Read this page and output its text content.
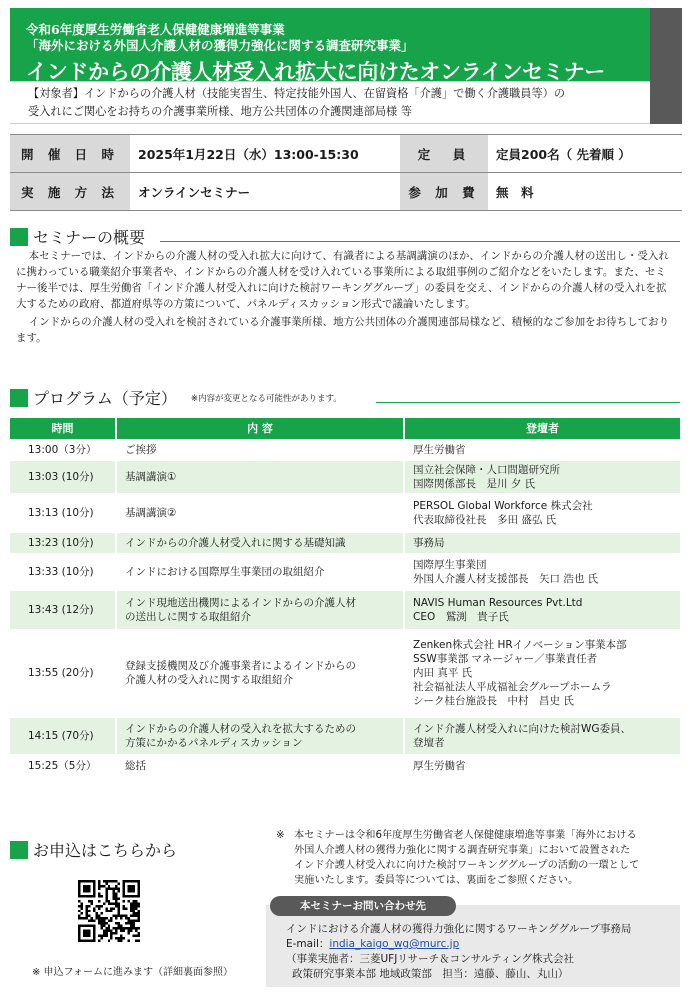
令和6年度厚生労働省老人保健健康増進等事業
「海外における外国人介護人材の獲得力強化に関する調査研究事業」
インドからの介護人材受入れ拡大に向けたオンラインセミナー
【対象者】インドからの介護人材（技能実習生、特定技能外国人、在留資格「介護」で働く介護職員等）の
受入れにご関心をお持ちの介護事業所様、地方公共団体の介護関連部局様 等
開 催 日 時	2025年1月22日（水）13:00-15:30	定　員	定員200名（ 先着順 ）
実 施 方 法	オンラインセミナー	参 加 費	無　料
セミナーの概要

本セミナーでは、インドからの介護人材の受入れ拡大に向けて、有識者による基調講演のほか、インドからの介護人材の送出し・受入れに携わっている職業紹介事業者や、インドからの介護人材を受け入れている事業所による取組事例のご紹介などをいたします。また、セミナー後半では、厚生労働省「インド介護人材受入れに向けた検討ワーキンググループ」の委員を交え、インドからの介護人材の受入れを拡大するための政府、都道府県等の方策について、パネルディスカッション形式で議論いたします。

インドからの介護人材の受入れを検討されている介護事業所様、地方公共団体の介護関連部局様など、積極的なご参加をお待ちしております。

プログラム（予定） ※内容が変更となる可能性があります。
時間	内 容	登壇者
13:00（3分）	ご挨拶	厚生労働省

13:03 (10分)	基調講演①	国立社会保障・人口問題研究所
国際関係部長　是川 夕 氏

13:13 (10分)	基調講演②	PERSOL Global Workforce 株式会社
代表取締役社長　多田 盛弘 氏

13:23 (10分)	インドからの介護人材受入れに関する基礎知識	事務局

13:33 (10分)	インドにおける国際厚生事業団の取組紹介	国際厚生事業団
外国人介護人材支援部長　矢口 浩也 氏

13:43 (12分)	インド現地送出機関によるインドからの介護人材
の送出しに関する取組紹介	NAVIS Human Resources Pvt.Ltd
CEO　鷲渕　貴子氏

13:55 (20分)	登録支援機関及び介護事業者によるインドからの
介護人材の受入れに関する取組紹介	Zenken株式会社 HRイノベーション事業本部
SSW事業部 マネージャー／事業責任者
内田 真平 氏
社会福祉法人平成福祉会グループホームラ
シーク桂台施設長　中村　昌史 氏

14:15 (70分)	インドからの介護人材の受入れを拡大するための
方策にかかるパネルディスカッション	インド介護人材受入れに向けた検討WG委員、
登壇者

15:25（5分）	総括	厚生労働省
お申込はこちらから
※ 申込フォームに進みます（詳細裏面参照）
※ 本セミナーは令和6年度厚生労働省老人保健健康増進等事業「海外における
外国人介護人材の獲得力強化に関する調査研究事業」において設置された
インド介護人材受入れに向けた検討ワーキンググループの活動の一環として
実施いたします。委員等については、裏面をご参照ください。
本セミナーお問い合わせ先
インドにおける介護人材の獲得力強化に関するワーキンググループ事務局
E-mail：india_kaigo_wg@murc.jp
（事業実施者：三菱UFJリサーチ＆コンサルティング株式会社
政策研究事業本部 地域政策部　担当：遠藤、藤山、丸山）
